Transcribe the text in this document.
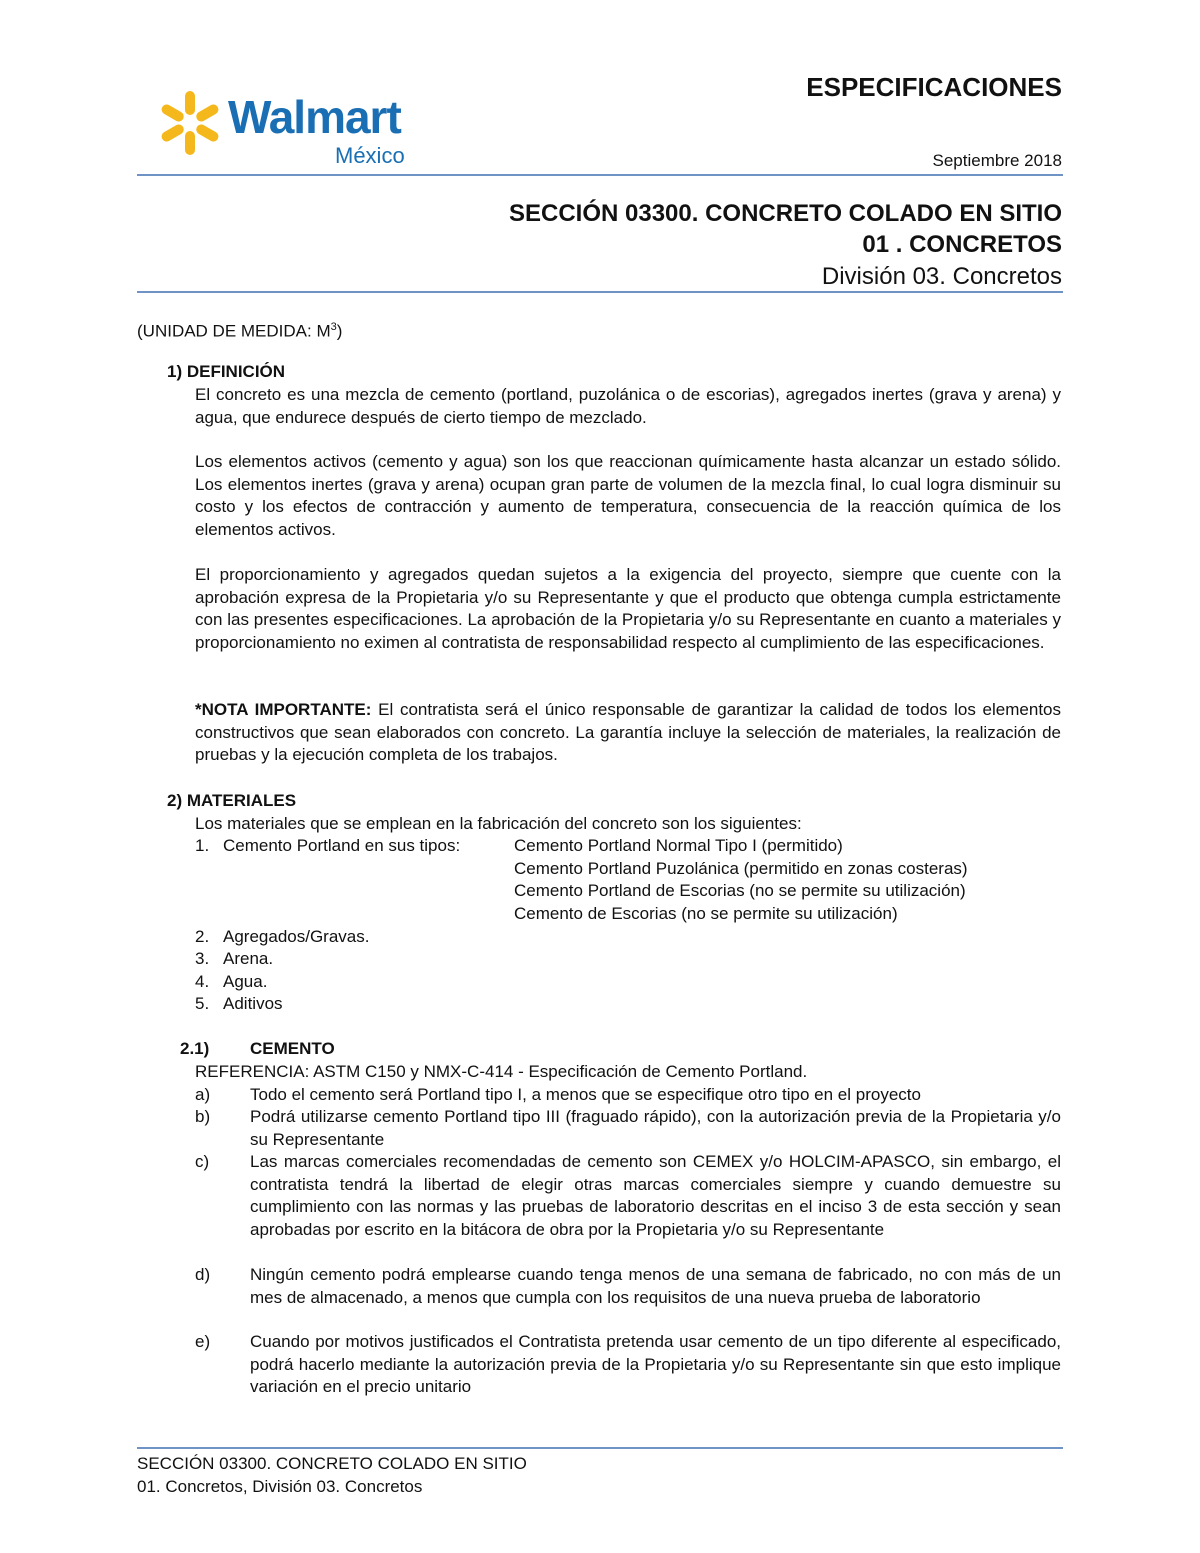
Walmart
México
ESPECIFICACIONES
Septiembre 2018
SECCIÓN 03300. CONCRETO COLADO EN SITIO
01 . CONCRETOS
División 03. Concretos
(UNIDAD DE MEDIDA: $M^3$)
1) DEFINICIÓN
El concreto es una mezcla de cemento (portland, puzolánica o de escorias), agregados inertes (grava y arena) y agua, que endurece después de cierto tiempo de mezclado.
Los elementos activos (cemento y agua) son los que reaccionan químicamente hasta alcanzar un estado sólido. Los elementos inertes (grava y arena) ocupan gran parte de volumen de la mezcla final, lo cual logra disminuir su costo y los efectos de contracción y aumento de temperatura, consecuencia de la reacción química de los elementos activos.
El proporcionamiento y agregados quedan sujetos a la exigencia del proyecto, siempre que cuente con la aprobación expresa de la Propietaria y/o su Representante y que el producto que obtenga cumpla estrictamente con las presentes especificaciones. La aprobación de la Propietaria y/o su Representante en cuanto a materiales y proporcionamiento no eximen al contratista de responsabilidad respecto al cumplimiento de las especificaciones.
*NOTA IMPORTANTE: El contratista será el único responsable de garantizar la calidad de todos los elementos constructivos que sean elaborados con concreto. La garantía incluye la selección de materiales, la realización de pruebas y la ejecución completa de los trabajos.
2) MATERIALES
Los materiales que se emplean en la fabricación del concreto son los siguientes:
1. Cemento Portland en sus tipos:	Cemento Portland Normal Tipo I (permitido)
Cemento Portland Puzolánica (permitido en zonas costeras)
Cemento Portland de Escorias (no se permite su utilización)
Cemento de Escorias (no se permite su utilización)
2. Agregados/Gravas.
3. Arena.
4. Agua.
5. Aditivos
2.1) CEMENTO
REFERENCIA: ASTM C150 y NMX-C-414 - Especificación de Cemento Portland.
a) Todo el cemento será Portland tipo I, a menos que se especifique otro tipo en el proyecto
b) Podrá utilizarse cemento Portland tipo III (fraguado rápido), con la autorización previa de la Propietaria y/o su Representante
c) Las marcas comerciales recomendadas de cemento son CEMEX y/o HOLCIM-APASCO, sin embargo, el contratista tendrá la libertad de elegir otras marcas comerciales siempre y cuando demuestre su cumplimiento con las normas y las pruebas de laboratorio descritas en el inciso 3 de esta sección y sean aprobadas por escrito en la bitácora de obra por la Propietaria y/o su Representante
d) Ningún cemento podrá emplearse cuando tenga menos de una semana de fabricado, no con más de un mes de almacenado, a menos que cumpla con los requisitos de una nueva prueba de laboratorio
e) Cuando por motivos justificados el Contratista pretenda usar cemento de un tipo diferente al especificado, podrá hacerlo mediante la autorización previa de la Propietaria y/o su Representante sin que esto implique variación en el precio unitario
SECCIÓN 03300. CONCRETO COLADO EN SITIO
01. Concretos, División 03. Concretos
